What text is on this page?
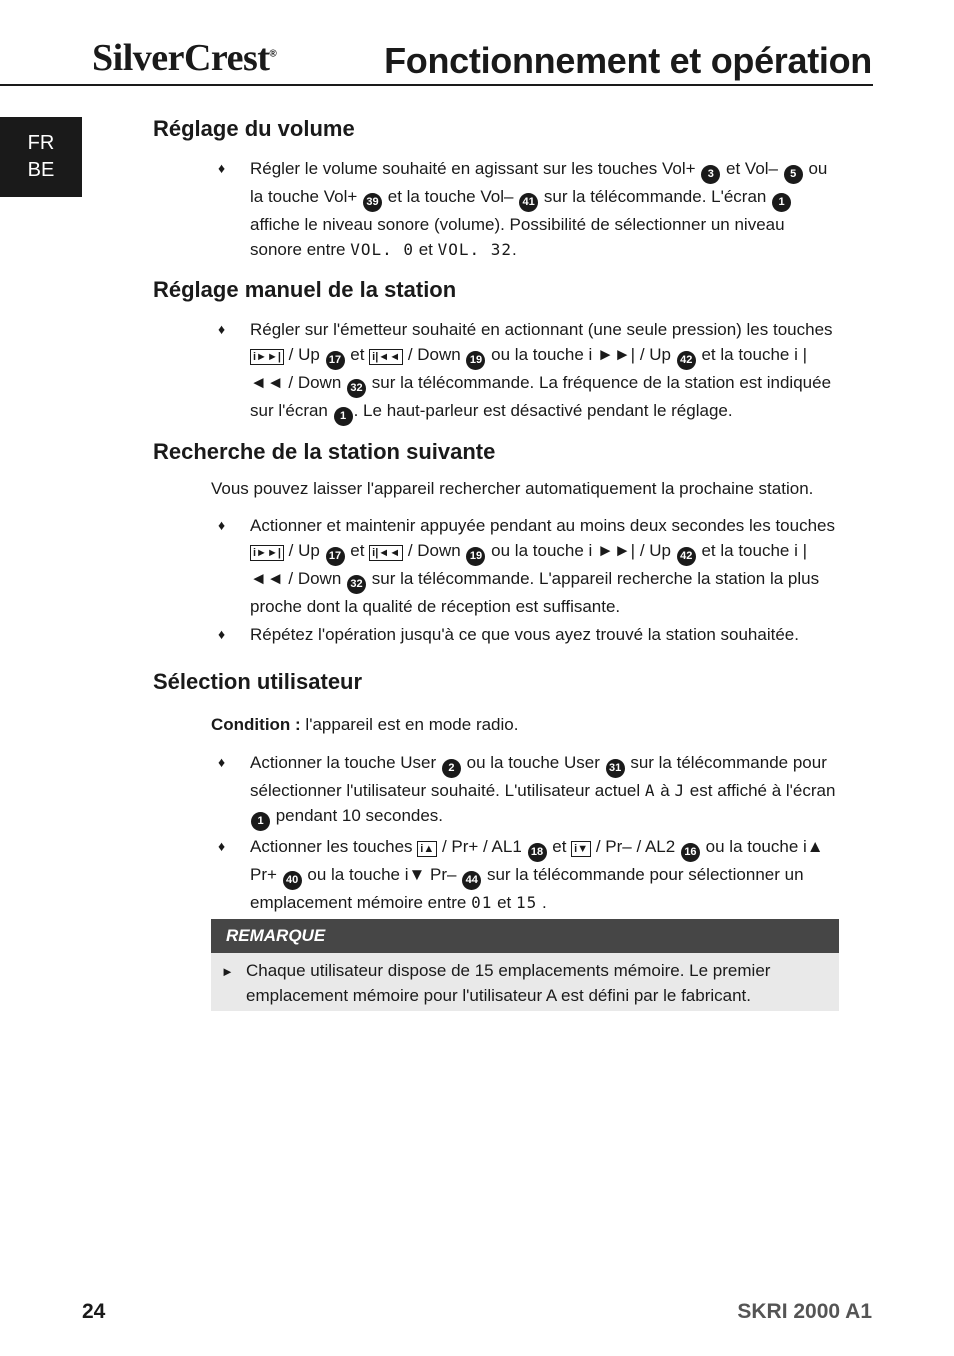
SilverCrest®	Fonctionnement et opération
FR
BE
Réglage du volume
♦ Régler le volume souhaité en agissant sur les touches Vol+ 3 et Vol– 5 ou la touche Vol+ 39 et la touche Vol– 41 sur la télécommande. L'écran 1 affiche le niveau sonore (volume). Possibilité de sélectionner un niveau sonore entre VOL. 0 et VOL. 32.
Réglage manuel de la station
♦ Régler sur l'émetteur souhaité en actionnant (une seule pression) les touches i►►| / Up 17 et i|◄◄ / Down 19 ou la touche i ►►| / Up 42 et la touche i |◄◄ / Down 32 sur la télécommande. La fréquence de la station est indiquée sur l'écran 1 . Le haut-parleur est désactivé pendant le réglage.
Recherche de la station suivante
Vous pouvez laisser l'appareil rechercher automatiquement la prochaine station.
♦ Actionner et maintenir appuyée pendant au moins deux secondes les touches i►►| / Up 17 et i|◄◄ / Down 19 ou la touche i ►►| / Up 42 et la touche i |◄◄ / Down 32 sur la télécommande. L'appareil recherche la station la plus proche dont la qualité de réception est suffisante.
♦ Répétez l'opération jusqu'à ce que vous ayez trouvé la station souhaitée.
Sélection utilisateur
Condition : l'appareil est en mode radio.
♦ Actionner la touche User 2 ou la touche User 31 sur la télécommande pour sélectionner l'utilisateur souhaité. L'utilisateur actuel A à J est affiché à l'écran 1 pendant 10 secondes.
♦ Actionner les touches i▲ / Pr+ / AL1 18 et i▼ / Pr– / AL2 16 ou la touche i▲ Pr+ 40 ou la touche i▼ Pr– 44 sur la télécommande pour sélectionner un emplacement mémoire entre 01 et 15 .
REMARQUE
► Chaque utilisateur dispose de 15 emplacements mémoire. Le premier emplacement mémoire pour l'utilisateur A est défini par le fabricant.
24	SKRI 2000 A1
